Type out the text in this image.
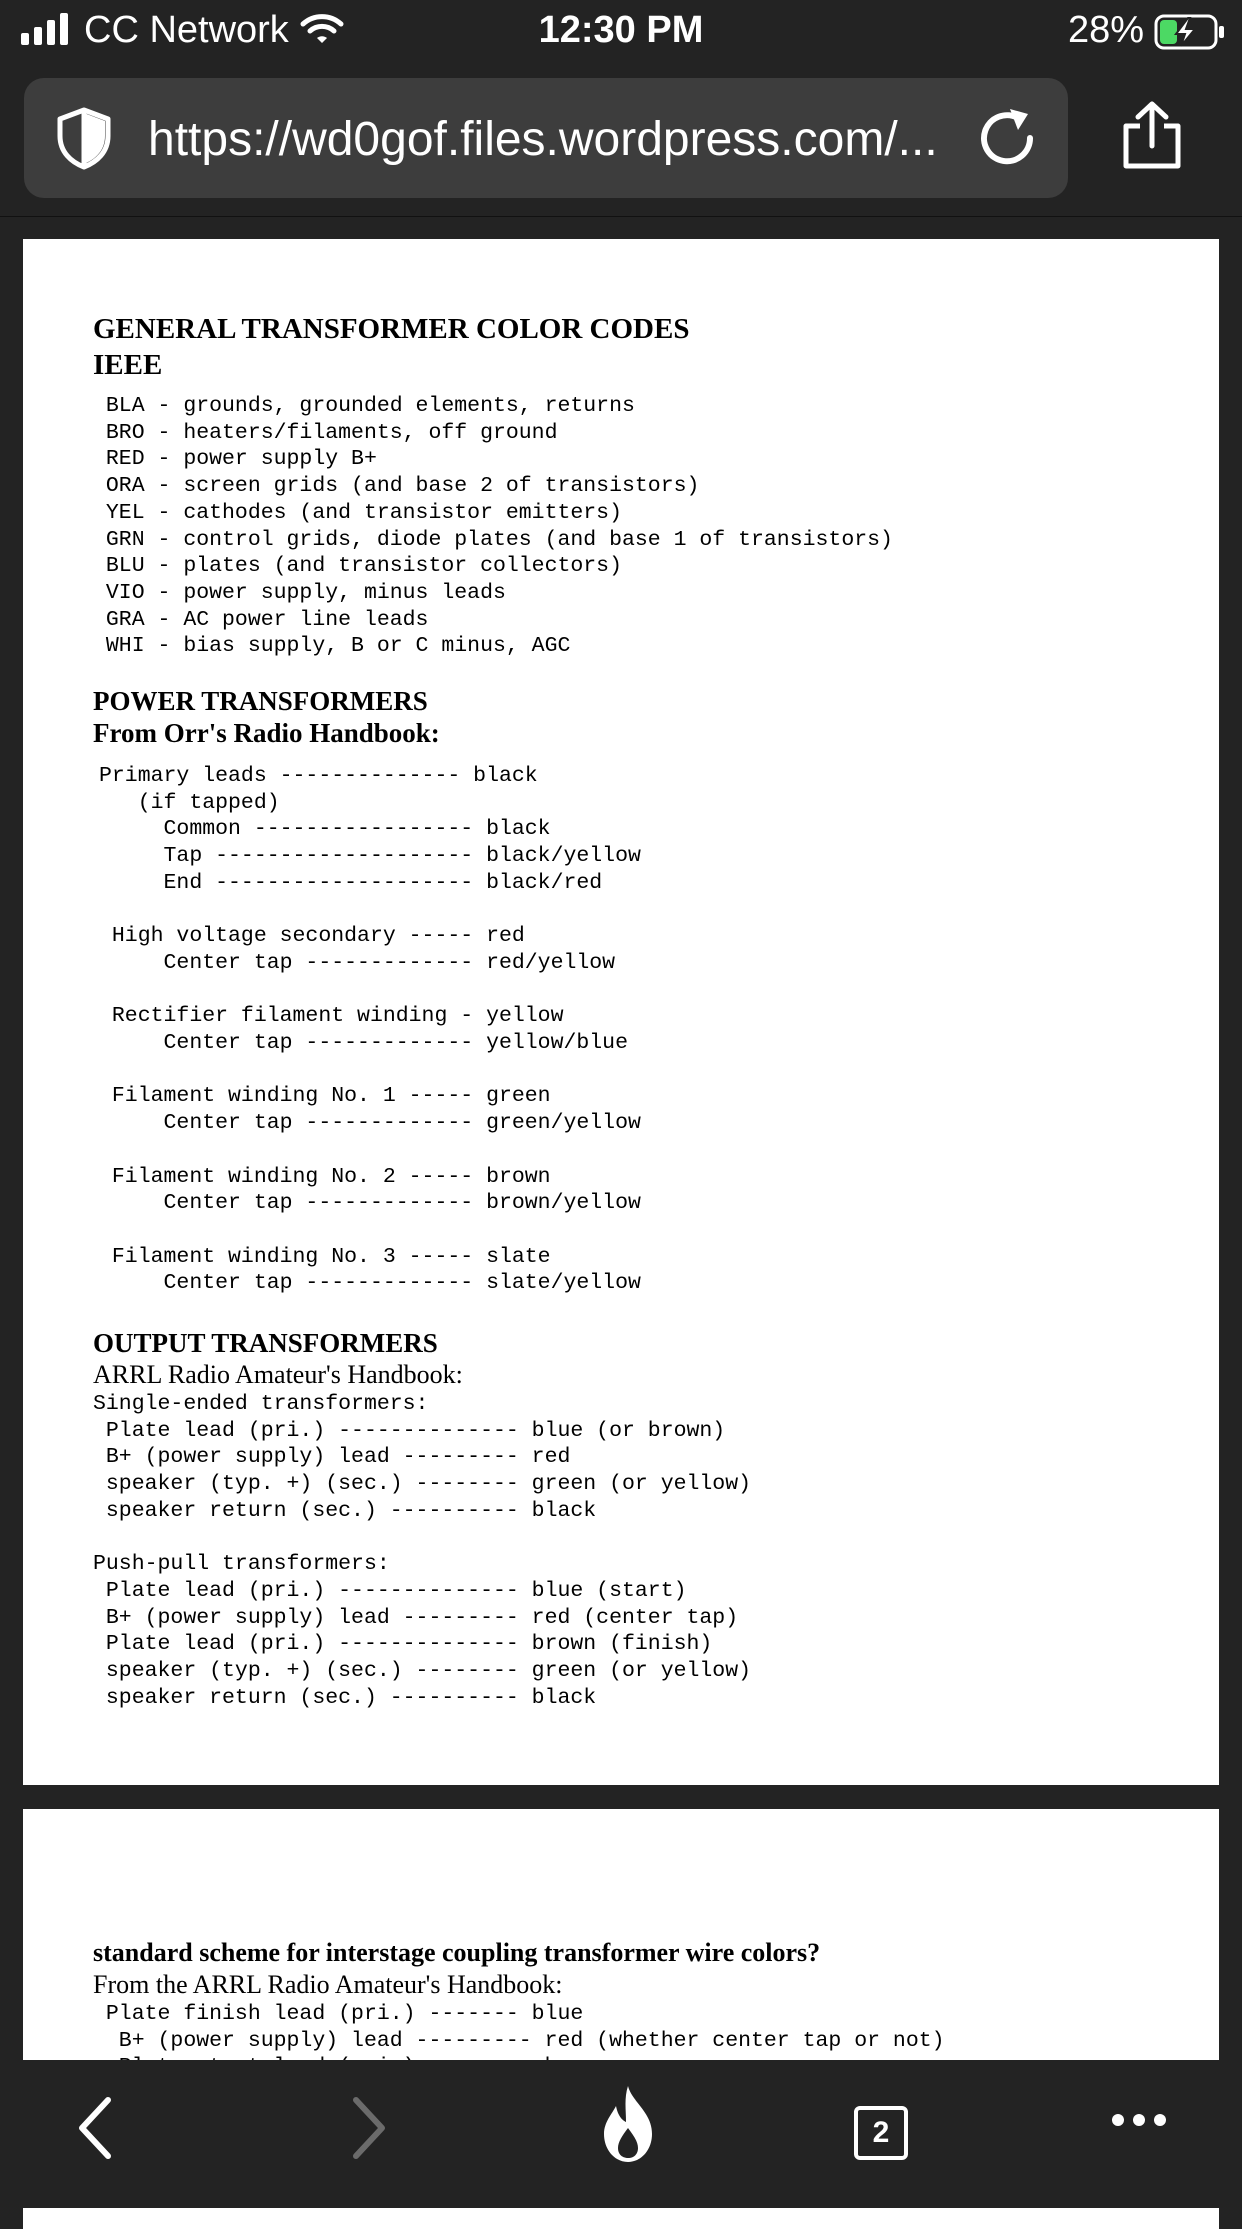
CC Network	12:30 PM	28%
https://wd0gof.files.wordpress.com/...

GENERAL TRANSFORMER COLOR CODES

IEEE

BLA - grounds, grounded elements, returns
BRO - heaters/filaments, off ground
RED - power supply B+
ORA - screen grids (and base 2 of transistors)
YEL - cathodes (and transistor emitters)
GRN - control grids, diode plates (and base 1 of transistors)
BLU - plates (and transistor collectors)
VIO - power supply, minus leads
GRA - AC power line leads
WHI - bias supply, B or C minus, AGC

POWER TRANSFORMERS

From Orr's Radio Handbook:

Primary leads -------------- black
(if tapped)
Common ----------------- black
Tap -------------------- black/yellow
End -------------------- black/red

High voltage secondary ----- red
Center tap ------------- red/yellow

Rectifier filament winding - yellow
Center tap ------------- yellow/blue

Filament winding No. 1 ----- green
Center tap ------------- green/yellow

Filament winding No. 2 ----- brown
Center tap ------------- brown/yellow

Filament winding No. 3 ----- slate
Center tap ------------- slate/yellow

OUTPUT TRANSFORMERS

ARRL Radio Amateur's Handbook:

Single-ended transformers:
Plate lead (pri.) -------------- blue (or brown)
B+ (power supply) lead --------- red
speaker (typ. +) (sec.) -------- green (or yellow)
speaker return (sec.) ---------- black

Push-pull transformers:
Plate lead (pri.) -------------- blue (start)
B+ (power supply) lead --------- red (center tap)
Plate lead (pri.) -------------- brown (finish)
speaker (typ. +) (sec.) -------- green (or yellow)
speaker return (sec.) ---------- black

standard scheme for interstage coupling transformer wire colors?

From the ARRL Radio Amateur's Handbook:

Plate finish lead (pri.) ------- blue
B+ (power supply) lead --------- red (whether center tap or not)

2
